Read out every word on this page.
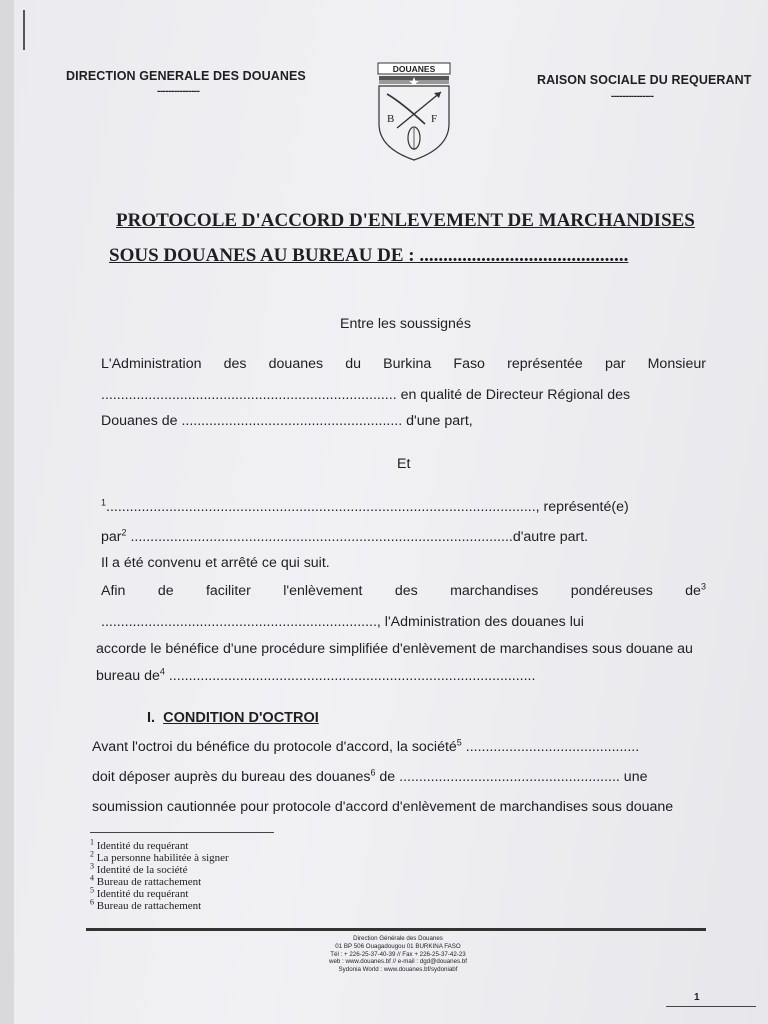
DIRECTION GENERALE DES DOUANES
---------------
RAISON SOCIALE DU REQUERANT
---------------
DOUANES
B	F
PROTOCOLE D'ACCORD D'ENLEVEMENT DE MARCHANDISES
SOUS DOUANES AU BUREAU DE : ............................................
Entre les soussignés
L'Administration des douanes du Burkina Faso représentée par Monsieur
........................................................................... en qualité de Directeur Régional des
Douanes de ........................................................ d'une part,
Et
$^1$............................................................................................................., représenté(e)
par$^2$ .................................................................................................d'autre part.
Il a été convenu et arrêté ce qui suit.
Afin de faciliter l'enlèvement des marchandises pondéreuses $de^3$
......................................................................, l'Administration des douanes lui
accorde le bénéfice d'une procédure simplifiée d'enlèvement de marchandises sous douane au
bureau $de^4$ .............................................................................................
I. CONDITION D'OCTROI
Avant l'octroi du bénéfice du protocole d'accord, la société$^5$ ............................................
doit déposer auprès du bureau des douanes$^6$ de ........................................................ une
soumission cautionnée pour protocole d'accord d'enlèvement de marchandises sous douane
$^1$ Identité du requérant
$^2$ La personne habilitée à signer
$^3$ Identité de la société
$^4$ Bureau de rattachement
$^5$ Identité du requérant
$^6$ Bureau de rattachement
Direction Générale des Douanes
01 BP 506 Ouagadougou 01 BURKINA FASO
Tél : + 226-25-37-40-39 // Fax + 226-25-37-42-23
web : www.douanes.bf // e-mail : dgd@douanes.bf
Sydonia World : www.douanes.bf/sydoniabf
1
